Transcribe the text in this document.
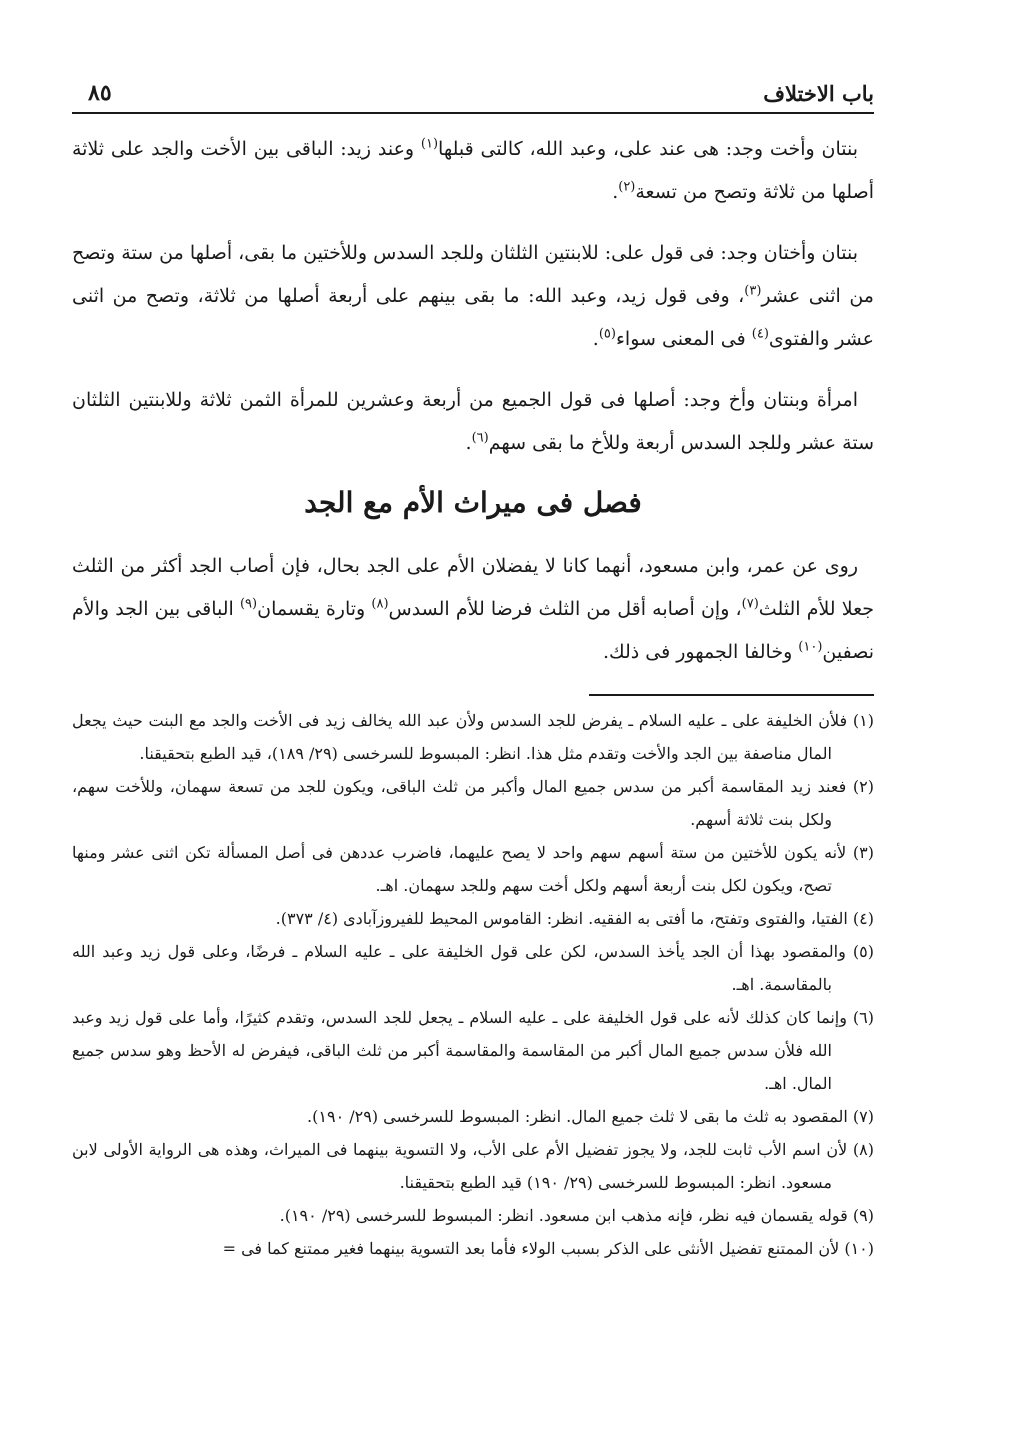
باب الاختلاف
٨٥

بنتان وأخت وجد: هى عند على، وعبد الله، كالتى قبلها$^{(١)}$ وعند زيد: الباقى بين الأخت والجد على ثلاثة أصلها من ثلاثة وتصح من تسعة$^{(٢)}$.

بنتان وأختان وجد: فى قول على: للابنتين الثلثان وللجد السدس وللأختين ما بقى، أصلها من ستة وتصح من اثنى عشر$^{(٣)}$، وفى قول زيد، وعبد الله: ما بقى بينهم على أربعة أصلها من ثلاثة، وتصح من اثنى عشر والفتوى$^{(٤)}$ فى المعنى سواء$^{(٥)}$.

امرأة وبنتان وأخ وجد: أصلها فى قول الجميع من أربعة وعشرين للمرأة الثمن ثلاثة وللابنتين الثلثان ستة عشر وللجد السدس أربعة وللأخ ما بقى سهم$^{(٦)}$.

فصل فى ميراث الأم مع الجد

روى عن عمر، وابن مسعود، أنهما كانا لا يفضلان الأم على الجد بحال، فإن أصاب الجد أكثر من الثلث جعلا للأم الثلث$^{(٧)}$، وإن أصابه أقل من الثلث فرضا للأم السدس$^{(٨)}$ وتارة يقسمان$^{(٩)}$ الباقى بين الجد والأم نصفين$^{(١٠)}$ وخالفا الجمهور فى ذلك.

(١) فلأن الخليفة على ـ عليه السلام ـ يفرض للجد السدس ولأن عبد الله يخالف زيد فى الأخت والجد مع البنت حيث يجعل المال مناصفة بين الجد والأخت وتقدم مثل هذا. انظر: المبسوط للسرخسى (٢٩/ ١٨٩)، قيد الطبع بتحقيقنا.

(٢) فعند زيد المقاسمة أكبر من سدس جميع المال وأكبر من ثلث الباقى، ويكون للجد من تسعة سهمان، وللأخت سهم، ولكل بنت ثلاثة أسهم.

(٣) لأنه يكون للأختين من ستة أسهم سهم واحد لا يصح عليهما، فاضرب عددهن فى أصل المسألة تكن اثنى عشر ومنها تصح، ويكون لكل بنت أربعة أسهم ولكل أخت سهم وللجد سهمان. اهـ.

(٤) الفتيا، والفتوى وتفتح، ما أفتى به الفقيه. انظر: القاموس المحيط للفيروزآبادى (٤/ ٣٧٣).

(٥) والمقصود بهذا أن الجد يأخذ السدس، لكن على قول الخليفة على ـ عليه السلام ـ فرضًا، وعلى قول زيد وعبد الله بالمقاسمة. اهـ.

(٦) وإنما كان كذلك لأنه على قول الخليفة على ـ عليه السلام ـ يجعل للجد السدس، وتقدم كثيرًا، وأما على قول زيد وعبد الله فلأن سدس جميع المال أكبر من المقاسمة والمقاسمة أكبر من ثلث الباقى، فيفرض له الأحظ وهو سدس جميع المال. اهـ.

(٧) المقصود به ثلث ما بقى لا ثلث جميع المال. انظر: المبسوط للسرخسى (٢٩/ ١٩٠).

(٨) لأن اسم الأب ثابت للجد، ولا يجوز تفضيل الأم على الأب، ولا التسوية بينهما فى الميراث، وهذه هى الرواية الأولى لابن مسعود. انظر: المبسوط للسرخسى (٢٩/ ١٩٠) قيد الطبع بتحقيقنا.

(٩) قوله يقسمان فيه نظر، فإنه مذهب ابن مسعود. انظر: المبسوط للسرخسى (٢٩/ ١٩٠).

(١٠) لأن الممتنع تفضيل الأنثى على الذكر بسبب الولاء فأما بعد التسوية بينهما فغير ممتنع كما فى =
